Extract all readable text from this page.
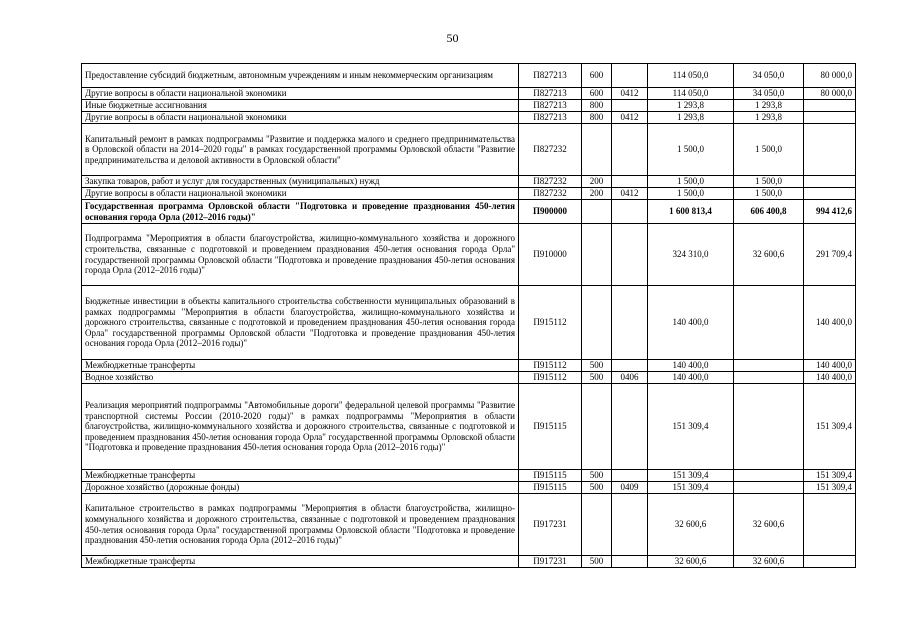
50
Предоставление субсидий бюджетным, автономным учреждениям и иным некоммерческим организациям	П827213	600		114 050,0	34 050,0	80 000,0
Другие вопросы в области национальной экономики	П827213	600	0412	114 050,0	34 050,0	80 000,0
Иные бюджетные ассигнования	П827213	800		1 293,8	1 293,8	
Другие вопросы в области национальной экономики	П827213	800	0412	1 293,8	1 293,8	
Капитальный ремонт в рамках подпрограммы "Развитие и поддержка малого и среднего предпринимательства в Орловской области на 2014–2020 годы" в рамках государственной программы Орловской области "Развитие предпринимательства и деловой активности в Орловской области"	П827232			1 500,0	1 500,0	
Закупка товаров, работ и услуг для государственных (муниципальных) нужд	П827232	200		1 500,0	1 500,0	
Другие вопросы в области национальной экономики	П827232	200	0412	1 500,0	1 500,0	
Государственная программа Орловской области "Подготовка и проведение празднования 450-летия основания города Орла (2012–2016 годы)"	П900000			1 600 813,4	606 400,8	994 412,6
Подпрограмма "Мероприятия в области благоустройства, жилищно-коммунального хозяйства и дорожного строительства, связанные с подготовкой и проведением празднования 450-летия основания города Орла" государственной программы Орловской области "Подготовка и проведение празднования 450-летия основания города Орла (2012–2016 годы)"	П910000			324 310,0	32 600,6	291 709,4
Бюджетные инвестиции в объекты капитального строительства собственности муниципальных образований в рамках подпрограммы "Мероприятия в области благоустройства, жилищно-коммунального хозяйства и дорожного строительства, связанные с подготовкой и проведением празднования 450-летия основания города Орла" государственной программы Орловской области "Подготовка и проведение празднования 450-летия основания города Орла (2012–2016 годы)"	П915112			140 400,0		140 400,0
Межбюджетные трансферты	П915112	500		140 400,0		140 400,0
Водное хозяйство	П915112	500	0406	140 400,0		140 400,0
Реализация мероприятий подпрограммы "Автомобильные дороги" федеральной целевой программы "Развитие транспортной системы России (2010-2020 годы)" в рамках подпрограммы "Мероприятия в области благоустройства, жилищно-коммунального хозяйства и дорожного строительства, связанные с подготовкой и проведением празднования 450-летия основания города Орла" государственной программы Орловской области "Подготовка и проведение празднования 450-летия основания города Орла (2012–2016 годы)"	П915115			151 309,4		151 309,4
Межбюджетные трансферты	П915115	500		151 309,4		151 309,4
Дорожное хозяйство (дорожные фонды)	П915115	500	0409	151 309,4		151 309,4
Капитальное строительство в рамках подпрограммы "Мероприятия в области благоустройства, жилищно-коммунального хозяйства и дорожного строительства, связанные с подготовкой и проведением празднования 450-летия основания города Орла" государственной программы Орловской области "Подготовка и проведение празднования 450-летия основания города Орла (2012–2016 годы)"	П917231			32 600,6	32 600,6	
Межбюджетные трансферты	П917231	500		32 600,6	32 600,6	
